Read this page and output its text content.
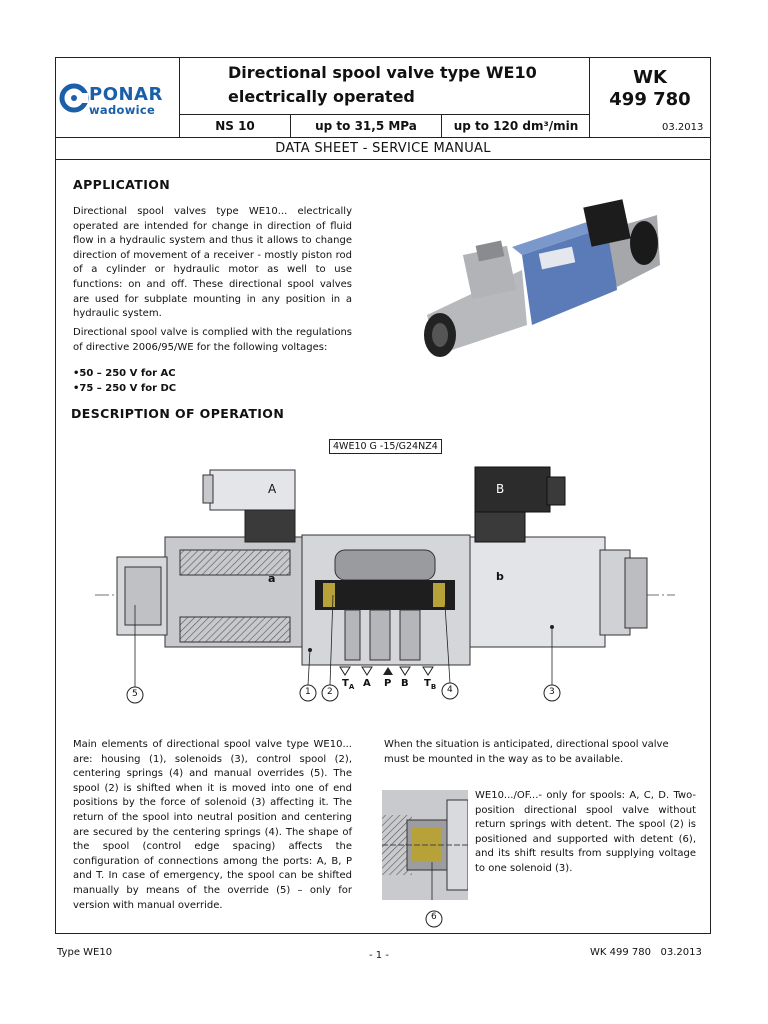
PONAR
wadowice
Directional spool valve type WE10
electrically operated
WK
499 780
03.2013
NS 10	up to 31,5 MPa	up to 120 dm³/min
DATA SHEET - SERVICE MANUAL
APPLICATION

Directional spool valves type WE10... electrically operated are intended for change in direction of fluid flow in a hydraulic system and thus it allows to change direction of movement of a receiver - mostly piston rod of a cylinder or hydraulic motor as well to use functions: on and off. These directional spool valves are used for subplate mounting in any position in a hydraulic system.

Directional spool valve is complied with the regulations of directive 2006/95/WE for the following voltages:

•50 – 250 V for AC
•75 – 250 V for DC
DESCRIPTION OF OPERATION
4WE10 G -15/G24NZ4
A	B
a	b
$T_A$ A P B $T_B$
5	1 2	4	3

Main elements of directional spool valve type WE10... are: housing (1), solenoids (3), control spool (2), centering springs (4) and manual overrides (5). The spool (2) is shifted when it is moved into one of end positions by the force of solenoid (3) affecting it. The return of the spool into neutral position and centering are secured by the centering springs (4). The shape of the spool (control edge spacing) affects the configuration of connections among the ports: A, B, P and T. In case of emergency, the spool can be shifted manually by means of the override (5) – only for version with manual override.

When the situation is anticipated, directional spool valve must be mounted in the way as to be available.

6

WE10.../OF...- only for spools: A, C, D. Two-position directional spool valve without return springs with detent. The spool (2) is positioned and supported with detent (6), and its shift results from supplying voltage to one solenoid (3).

Type WE10	- 1 -	WK 499 780   03.2013
